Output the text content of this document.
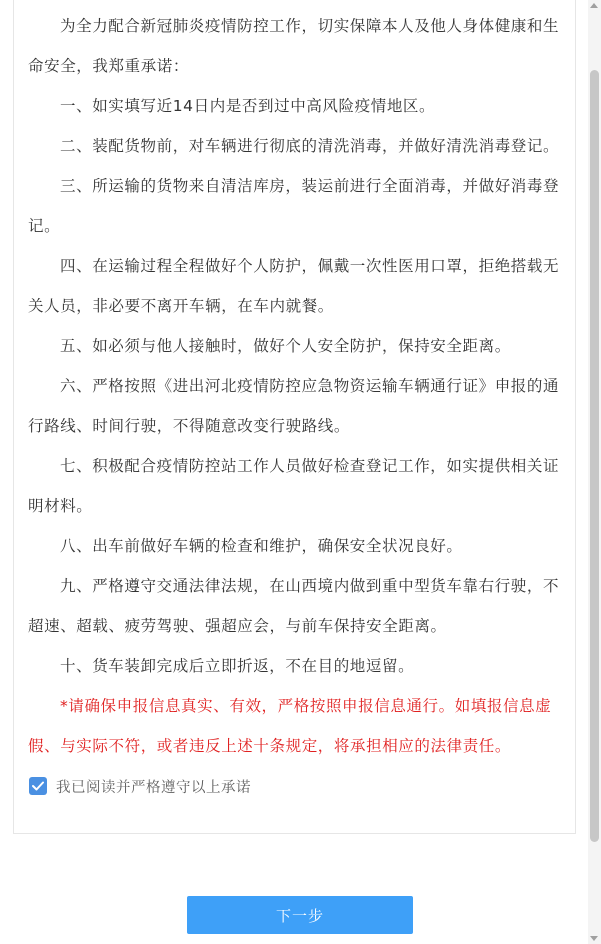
为全力配合新冠肺炎疫情防控工作，切实保障本人及他人身体健康和生命安全，我郑重承诺：

一、如实填写近14日内是否到过中高风险疫情地区。

二、装配货物前，对车辆进行彻底的清洗消毒，并做好清洗消毒登记。

三、所运输的货物来自清洁库房，装运前进行全面消毒，并做好消毒登记。

四、在运输过程全程做好个人防护，佩戴一次性医用口罩，拒绝搭载无关人员，非必要不离开车辆，在车内就餐。

五、如必须与他人接触时，做好个人安全防护，保持安全距离。

六、严格按照《进出河北疫情防控应急物资运输车辆通行证》申报的通行路线、时间行驶，不得随意改变行驶路线。

七、积极配合疫情防控站工作人员做好检查登记工作，如实提供相关证明材料。

八、出车前做好车辆的检查和维护，确保安全状况良好。

九、严格遵守交通法律法规，在山西境内做到重中型货车靠右行驶，不超速、超载、疲劳驾驶、强超应会，与前车保持安全距离。

十、货车装卸完成后立即折返，不在目的地逗留。

*请确保申报信息真实、有效，严格按照申报信息通行。如填报信息虚假、与实际不符，或者违反上述十条规定，将承担相应的法律责任。

我已阅读并严格遵守以上承诺
下一步
